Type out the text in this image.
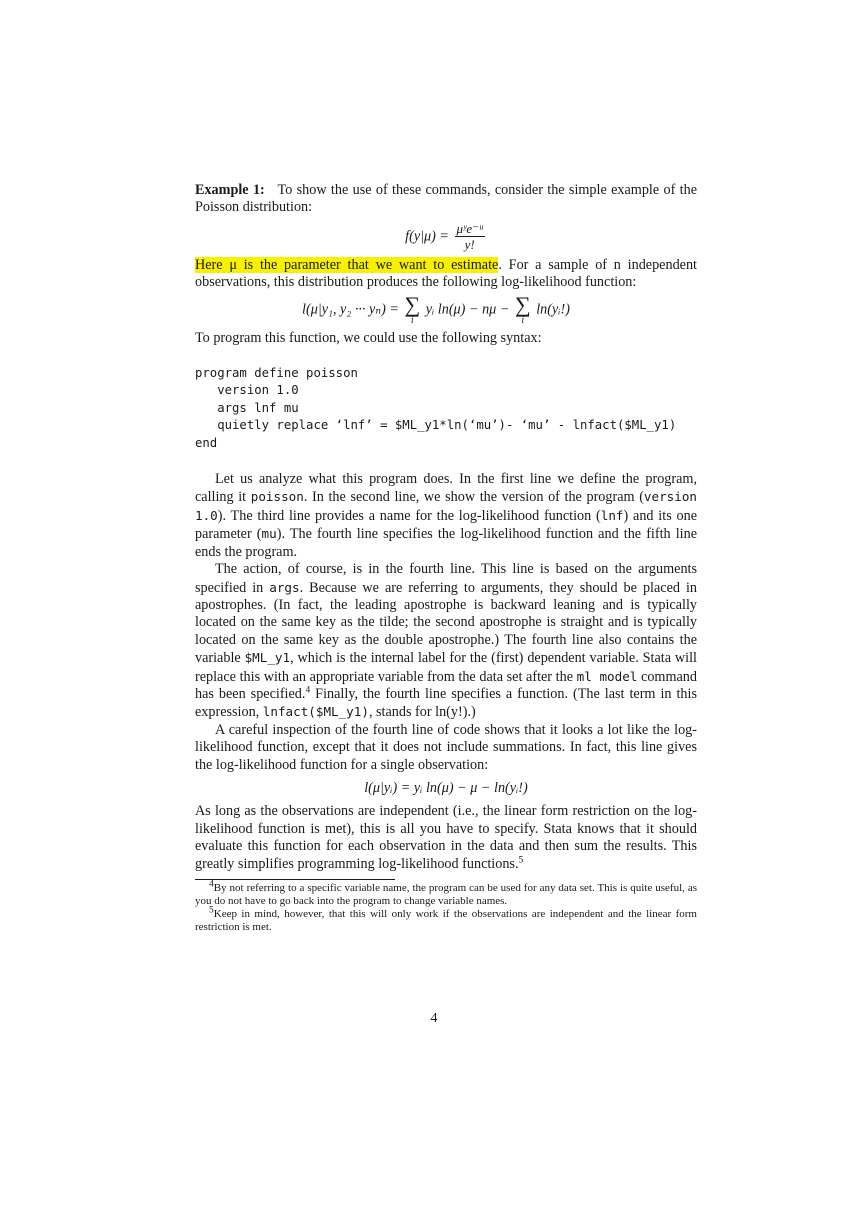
Example 1: To show the use of these commands, consider the simple example of the Poisson distribution:

$f(y|\mu) = \frac{\text{μʸe⁻ᵘ}}{y!}$

Here μ is the parameter that we want to estimate. For a sample of n independent observations, this distribution produces the following log-likelihood function:

l(μ|y₁, y₂ ··· yₙ) = ∑
i
yᵢ ln(μ) − nμ − ∑
i
ln(yᵢ!)

To program this function, we could use the following syntax:

program define poisson
version 1.0
args lnf mu
quietly replace ‘lnf’ = $ML_y1*ln(‘mu’)- ‘mu’ - lnfact($ML_y1)
end

Let us analyze what this program does. In the first line we define the program, calling it poisson. In the second line, we show the version of the program (version 1.0). The third line provides a name for the log-likelihood function (lnf) and its one parameter (mu). The fourth line specifies the log-likelihood function and the fifth line ends the program.

The action, of course, is in the fourth line. This line is based on the arguments specified in args. Because we are referring to arguments, they should be placed in apostrophes. (In fact, the leading apostrophe is backward leaning and is typically located on the same key as the tilde; the second apostrophe is straight and is typically located on the same key as the double apostrophe.) The fourth line also contains the variable $ML_y1, which is the internal label for the (first) dependent variable. Stata will replace this with an appropriate variable from the data set after the ml model command has been specified.$^4$ Finally, the fourth line specifies a function. (The last term in this expression, lnfact($ML_y1), stands for ln(y!).)

A careful inspection of the fourth line of code shows that it looks a lot like the log-likelihood function, except that it does not include summations. In fact, this line gives the log-likelihood function for a single observation:

l(μ|yᵢ) = yᵢ ln(μ) − μ − ln(yᵢ!)

As long as the observations are independent (i.e., the linear form restriction on the log-likelihood function is met), this is all you have to specify. Stata knows that it should evaluate this function for each observation in the data and then sum the results. This greatly simplifies programming log-likelihood functions.$^5$

$^4$By not referring to a specific variable name, the program can be used for any data set. This is quite useful, as you do not have to go back into the program to change variable names.

$^5$Keep in mind, however, that this will only work if the observations are independent and the linear form restriction is met.

4
